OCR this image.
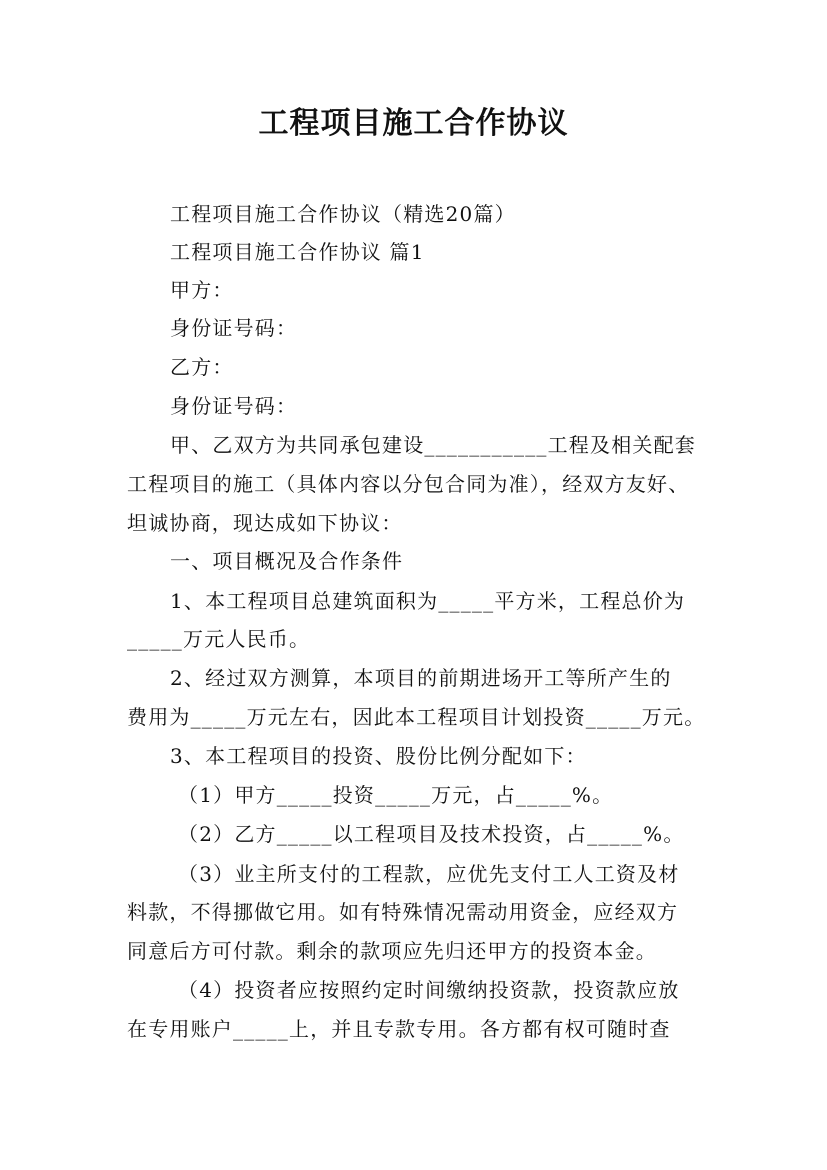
工程项目施工合作协议
工程项目施工合作协议（精选20篇）
工程项目施工合作协议 篇1
甲方：
身份证号码：
乙方：
身份证号码：
甲、乙双方为共同承包建设___________工程及相关配套
工程项目的施工（具体内容以分包合同为准），经双方友好、
坦诚协商，现达成如下协议：
一、项目概况及合作条件
1、本工程项目总建筑面积为_____平方米，工程总价为
_____万元人民币。
2、经过双方测算，本项目的前期进场开工等所产生的
费用为_____万元左右，因此本工程项目计划投资_____万元。
3、本工程项目的投资、股份比例分配如下：
（1）甲方_____投资_____万元，占_____%。
（2）乙方_____以工程项目及技术投资，占_____%。
（3）业主所支付的工程款，应优先支付工人工资及材
料款，不得挪做它用。如有特殊情况需动用资金，应经双方
同意后方可付款。剩余的款项应先归还甲方的投资本金。
（4）投资者应按照约定时间缴纳投资款，投资款应放
在专用账户_____上，并且专款专用。各方都有权可随时查
